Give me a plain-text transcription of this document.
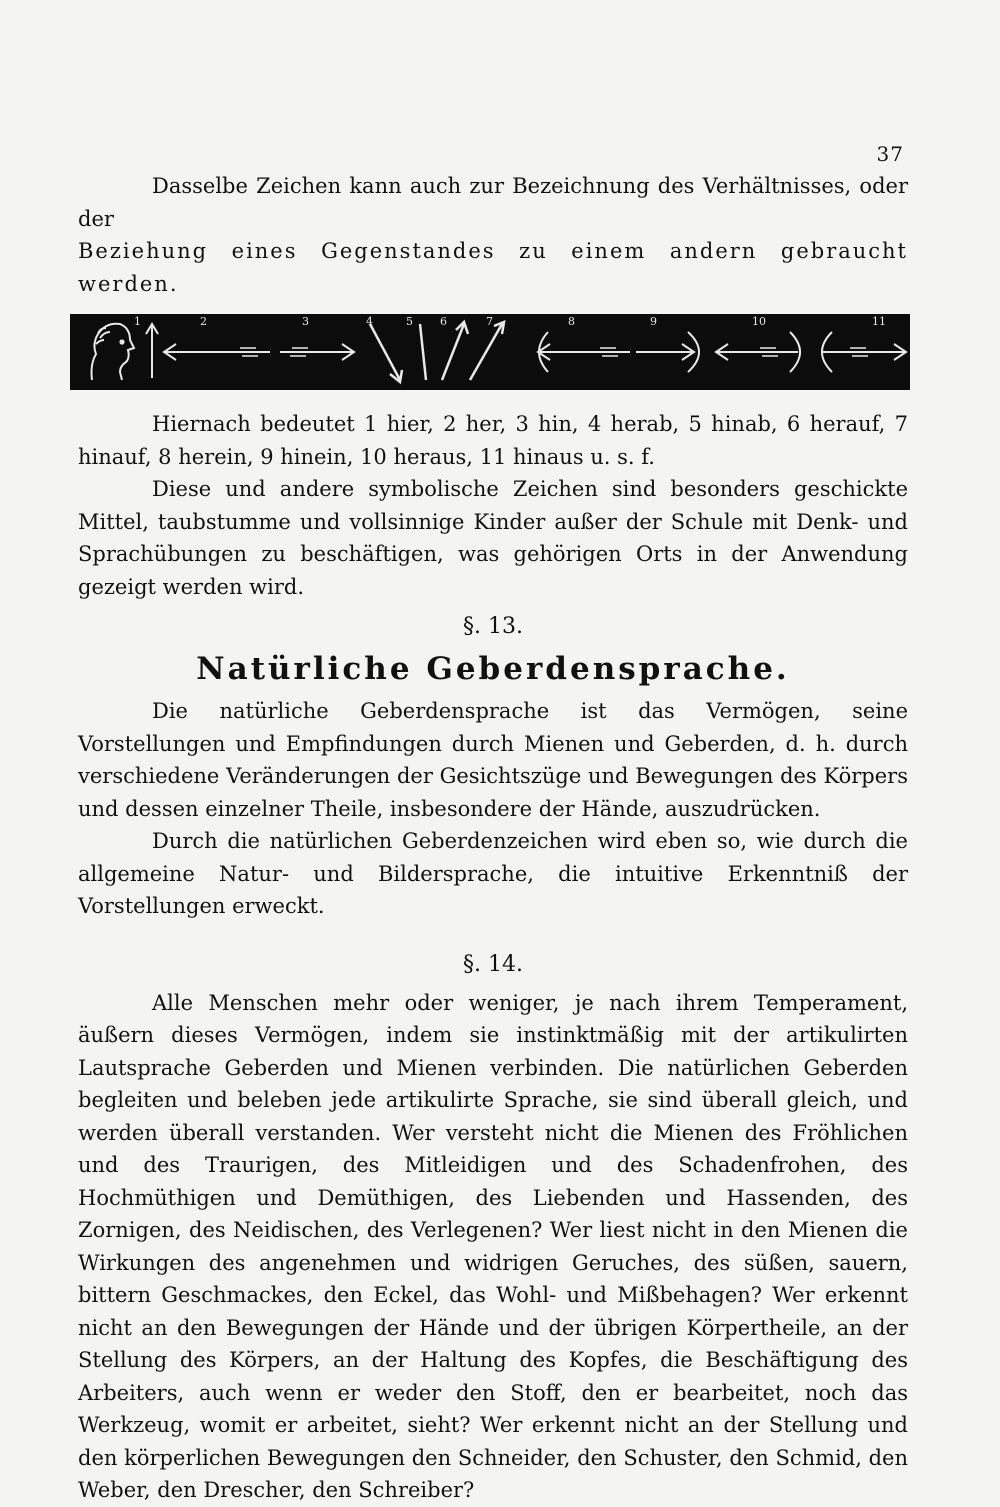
37

Dasselbe Zeichen kann auch zur Bezeichnung des Verhältnisses, oder der
Beziehung eines Gegenstandes zu einem andern gebraucht werden.

1	2	3	4	5 6	7	8	9	10	11

Hiernach bedeutet 1 hier, 2 her, 3 hin, 4 herab, 5 hinab, 6 herauf, 7 hinauf, 8 herein, 9 hinein, 10 heraus, 11 hinaus u. s. f.

Diese und andere symbolische Zeichen sind besonders geschickte Mittel, taubstumme und vollsinnige Kinder außer der Schule mit Denk- und Sprachübungen zu beschäftigen, was gehörigen Orts in der Anwendung gezeigt werden wird.

§. 13.
Natürliche Geberdensprache.

Die natürliche Geberdensprache ist das Vermögen, seine Vorstellungen und Empfindungen durch Mienen und Geberden, d. h. durch verschiedene Veränderungen der Gesichtszüge und Bewegungen des Körpers und dessen einzelner Theile, insbesondere der Hände, auszudrücken.

Durch die natürlichen Geberdenzeichen wird eben so, wie durch die allgemeine Natur- und Bildersprache, die intuitive Erkenntniß der Vorstellungen erweckt.

§. 14.

Alle Menschen mehr oder weniger, je nach ihrem Temperament, äußern dieses Vermögen, indem sie instinktmäßig mit der artikulirten Lautsprache Geberden und Mienen verbinden. Die natürlichen Geberden begleiten und beleben jede artikulirte Sprache, sie sind überall gleich, und werden überall verstanden. Wer versteht nicht die Mienen des Fröhlichen und des Traurigen, des Mitleidigen und des Schadenfrohen, des Hochmüthigen und Demüthigen, des Liebenden und Hassenden, des Zornigen, des Neidischen, des Verlegenen? Wer liest nicht in den Mienen die Wirkungen des angenehmen und widrigen Geruches, des süßen, sauern, bittern Geschmackes, den Eckel, das Wohl- und Mißbehagen? Wer erkennt nicht an den Bewegungen der Hände und der übrigen Körpertheile, an der Stellung des Körpers, an der Haltung des Kopfes, die Beschäftigung des Arbeiters, auch wenn er weder den Stoff, den er bearbeitet, noch das Werkzeug, womit er arbeitet, sieht? Wer erkennt nicht an der Stellung und den körperlichen Bewegungen den Schneider, den Schuster, den Schmid, den Weber, den Drescher, den Schreiber?
